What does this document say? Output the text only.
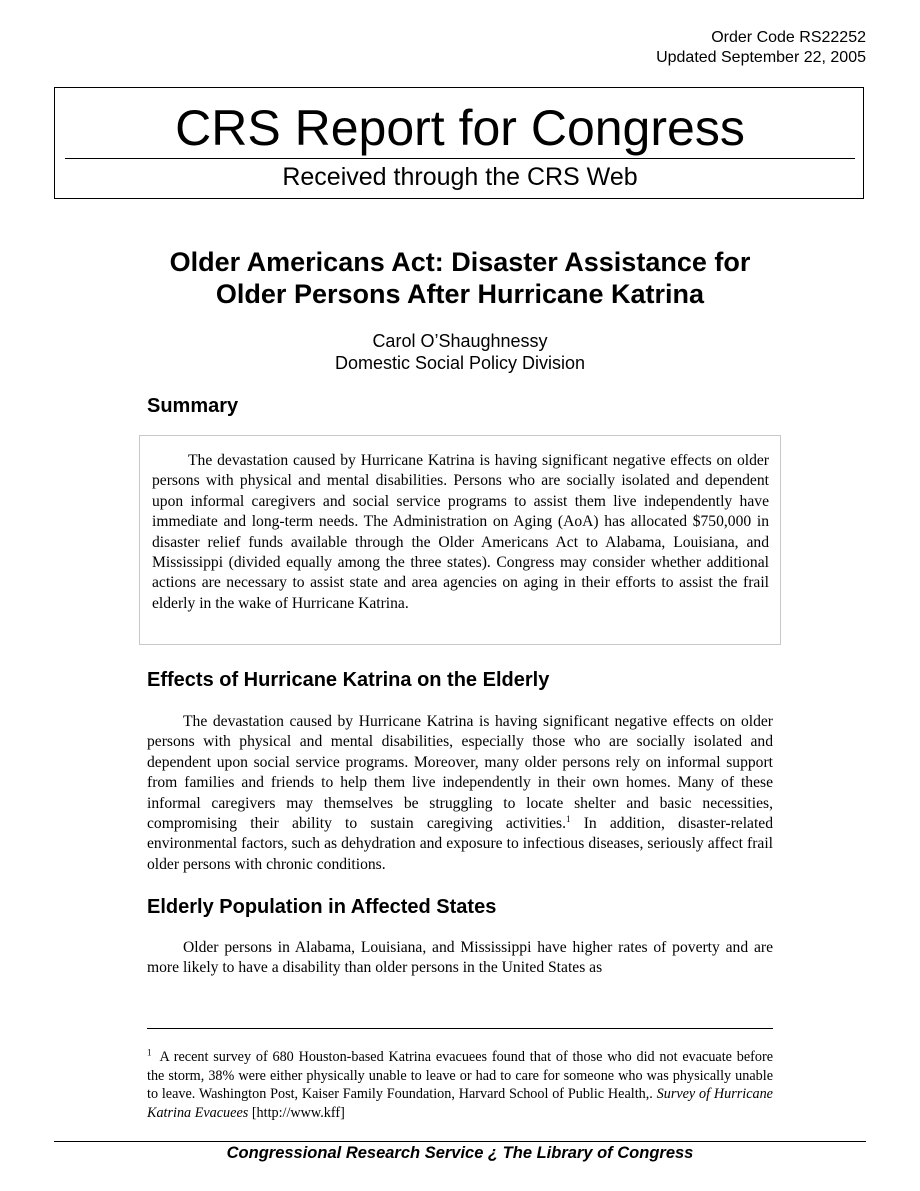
Order Code RS22252
Updated September 22, 2005
CRS Report for Congress
Received through the CRS Web
Older Americans Act: Disaster Assistance for
Older Persons After Hurricane Katrina
Carol O’Shaughnessy
Domestic Social Policy Division
Summary

The devastation caused by Hurricane Katrina is having significant negative effects on older persons with physical and mental disabilities. Persons who are socially isolated and dependent upon informal caregivers and social service programs to assist them live independently have immediate and long-term needs. The Administration on Aging (AoA) has allocated $750,000 in disaster relief funds available through the Older Americans Act to Alabama, Louisiana, and Mississippi (divided equally among the three states). Congress may consider whether additional actions are necessary to assist state and area agencies on aging in their efforts to assist the frail elderly in the wake of Hurricane Katrina.

Effects of Hurricane Katrina on the Elderly

The devastation caused by Hurricane Katrina is having significant negative effects on older persons with physical and mental disabilities, especially those who are socially isolated and dependent upon social service programs. Moreover, many older persons rely on informal support from families and friends to help them live independently in their own homes. Many of these informal caregivers may themselves be struggling to locate shelter and basic necessities, compromising their ability to sustain caregiving activities.$^1$ In addition, disaster-related environmental factors, such as dehydration and exposure to infectious diseases, seriously affect frail older persons with chronic conditions.

Elderly Population in Affected States

Older persons in Alabama, Louisiana, and Mississippi have higher rates of poverty and are more likely to have a disability than older persons in the United States as

$^1$ A recent survey of 680 Houston-based Katrina evacuees found that of those who did not evacuate before the storm, 38% were either physically unable to leave or had to care for someone who was physically unable to leave. Washington Post, Kaiser Family Foundation, Harvard School of Public Health,. Survey of Hurricane Katrina Evacuees [http://www.kff]

Congressional Research Service ¿ The Library of Congress
